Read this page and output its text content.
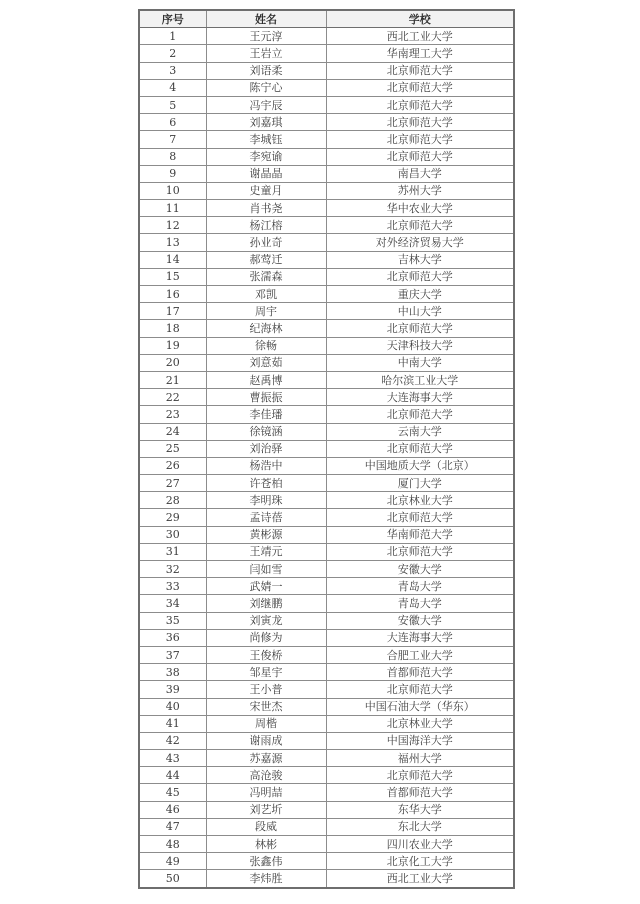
序号	姓名	学校
1	王元淳	西北工业大学
2	王岩立	华南理工大学
3	刘语柔	北京师范大学
4	陈宁心	北京师范大学
5	冯宇辰	北京师范大学
6	刘嘉琪	北京师范大学
7	李城钰	北京师范大学
8	李宛谕	北京师范大学
9	谢晶晶	南昌大学
10	史童月	苏州大学
11	肖书尧	华中农业大学
12	杨江榕	北京师范大学
13	孙业奇	对外经济贸易大学
14	郝莺迁	吉林大学
15	张濡森	北京师范大学
16	邓凯	重庆大学
17	周宇	中山大学
18	纪海林	北京师范大学
19	徐畅	天津科技大学
20	刘意茹	中南大学
21	赵禹博	哈尔滨工业大学
22	曹振振	大连海事大学
23	李佳璠	北京师范大学
24	徐镜涵	云南大学
25	刘治驿	北京师范大学
26	杨浩中	中国地质大学（北京）
27	许苍柏	厦门大学
28	李明珠	北京林业大学
29	孟诗蓓	北京师范大学
30	黄彬源	华南师范大学
31	王靖元	北京师范大学
32	闫如雪	安徽大学
33	武婧一	青岛大学
34	刘继鹏	青岛大学
35	刘寅龙	安徽大学
36	尚修为	大连海事大学
37	王俊桥	合肥工业大学
38	邹星宇	首都师范大学
39	王小普	北京师范大学
40	宋世杰	中国石油大学（华东）
41	周楷	北京林业大学
42	谢雨成	中国海洋大学
43	苏嘉源	福州大学
44	高沧骏	北京师范大学
45	冯明喆	首都师范大学
46	刘艺圻	东华大学
47	段威	东北大学
48	林彬	四川农业大学
49	张鑫伟	北京化工大学
50	李炜胜	西北工业大学
